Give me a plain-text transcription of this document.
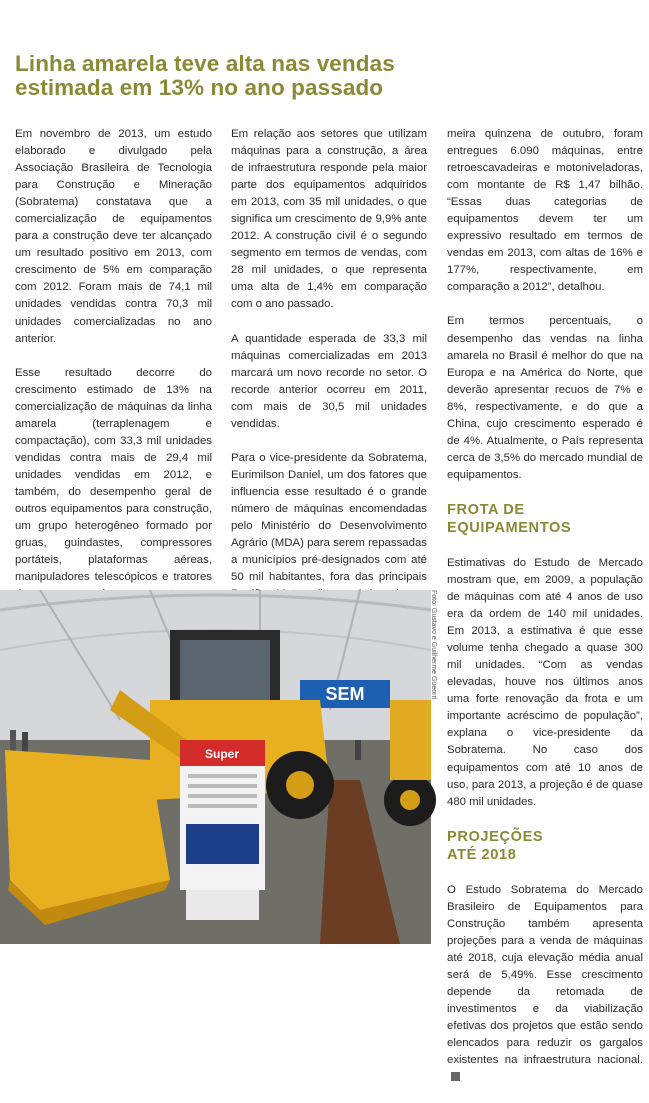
Linha amarela teve alta nas vendas
estimada em 13% no ano passado

Em novembro de 2013, um estudo elaborado e divulgado pela Associação Brasileira de Tecnologia para Construção e Mineração (Sobratema) constatava que a comercialização de equipamentos para a construção deve ter alcançado um resultado positivo em 2013, com crescimento de 5% em comparação com 2012. Foram mais de 74,1 mil unidades vendidas contra 70,3 mil unidades comercializadas no ano anterior.

Esse resultado decorre do crescimento estimado de 13% na comercialização de máquinas da linha amarela (terraplenagem e compactação), com 33,3 mil unidades vendidas contra mais de 29,4 mil unidades vendidas em 2012, e também, do desempenho geral de outros equipamentos para construção, um grupo heterogêneo formado por gruas, guindastes, compressores portáteis, plataformas aéreas, manipuladores telescópicos e tratores

Em relação aos setores que utilizam máquinas para a construção, a área de infraestrutura responde pela maior parte dos equipamentos adquiridos em 2013, com 35 mil unidades, o que significa um crescimento de 9,9% ante 2012. A construção civil é o segundo segmento em termos de vendas, com 28 mil unidades, o que representa uma alta de 1,4% em comparação com o ano passado.

A quantidade esperada de 33,3 mil máquinas comercializadas em 2013 marcará um novo recorde no setor. O recorde anterior ocorreu em 2011, com mais de 30,5 mil unidades vendidas.

Para o vice-presidente da Sobratema, Eurimilson Daniel, um dos fatores que influencia esse resultado é o grande número de máquinas encomendadas pelo Ministério do Desenvolvimento Agrário (MDA) para serem repassadas a municípios pré-designados com até 50 mil habitantes, fora das principais

meira quinzena de outubro, foram entregues 6.090 máquinas, entre retroescavadeiras e motoniveladoras, com montante de R$ 1,47 bilhão. “Essas duas categorias de equipamentos devem ter um expressivo resultado em termos de vendas em 2013, com altas de 16% e 177%, respectivamente, em comparação a 2012”, detalhou.

Em termos percentuais, o desempenho das vendas na linha amarela no Brasil é melhor do que na Europa e na América do Norte, que deverão apresentar recuos de 7% e 8%, respectivamente, e do que a China, cujo crescimento esperado é de 4%. Atualmente, o País representa cerca de 3,5% do mercado mundial de equipamentos.

FROTA DE
EQUIPAMENTOS

Estimativas do Estudo de Mercado mostram que, em 2009, a população de máquinas com até 4 anos de uso era da ordem de 140 mil unidades. Em 2013, a estimativa é que esse volume tenha chegado a quase 300 mil unidades. “Com as vendas elevadas, houve nos últimos anos uma forte renovação da frota e um importante acréscimo de população”, explana o vice-presidente da Sobratema. No caso dos equipamentos com até 10 anos de uso, para 2013, a projeção é de quase 480 mil unidades.

PROJEÇÕES
ATÉ 2018

O Estudo Sobratema do Mercado Brasileiro de Equipamentos para Construção também apresenta projeções para a venda de máquinas até 2018, cuja elevação média anual será de 5,49%. Esse crescimento depende da retomada de investimentos e da viabilização efetivas dos projetos que estão sendo elencados para reduzir os gargalos existentes na infraestrutura nacional.

SEM
Super
Foto: Gustavo e Guilherme Gueorri
